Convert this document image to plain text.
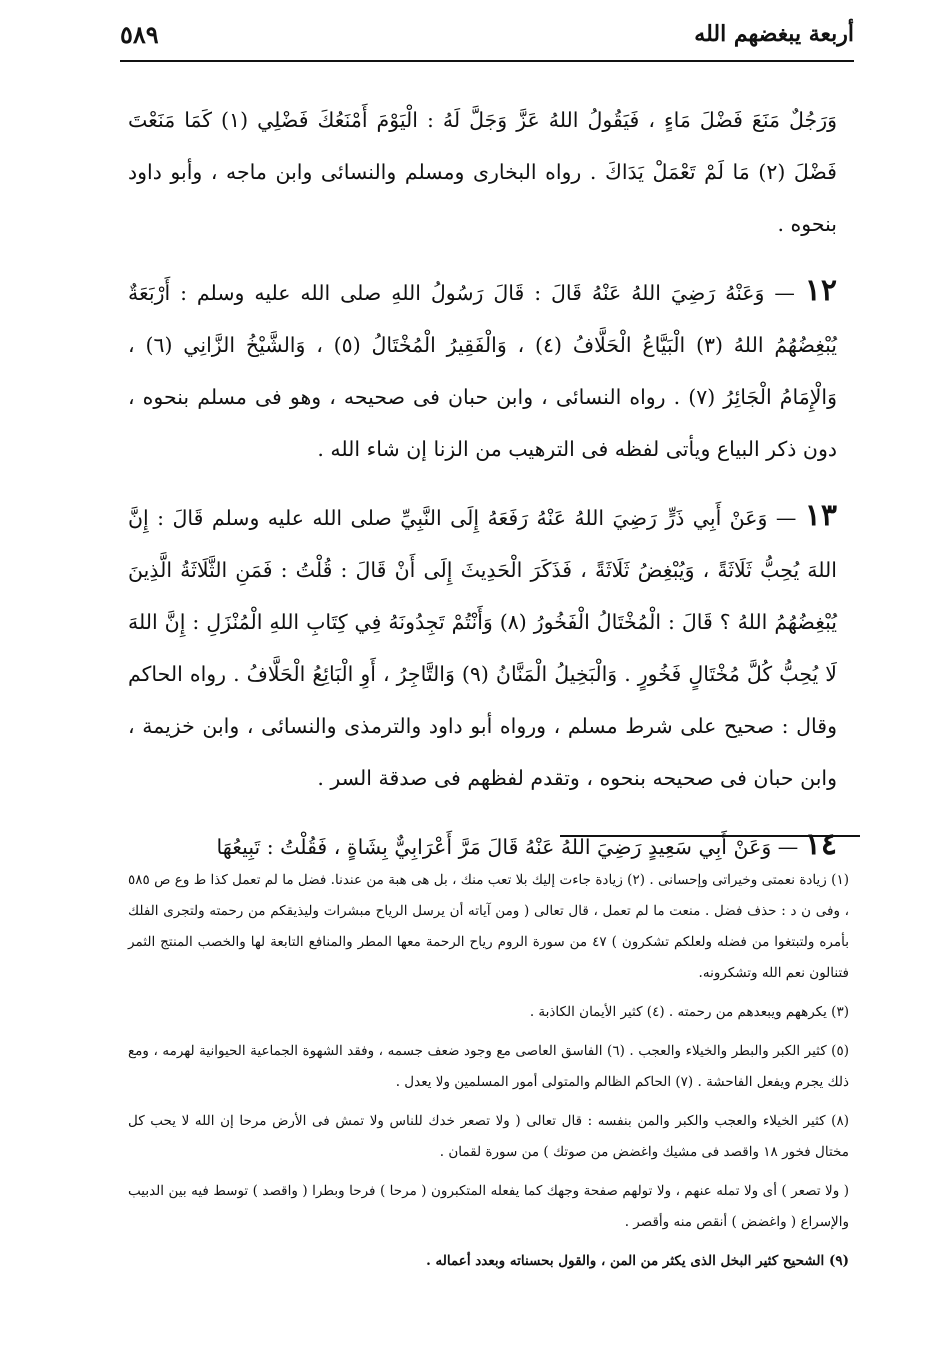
أربعة يبغضهم الله
٥٨٩

وَرَجُلٌ مَنَعَ فَضْلَ مَاءٍ ، فَيَقُولُ اللهُ عَزَّ وَجَلَّ لَهُ : الْيَوْمَ أَمْنَعُكَ فَضْلِي (١) كَمَا مَنَعْتَ فَضْلَ (٢) مَا لَمْ تَعْمَلْ يَدَاكَ . رواه البخارى ومسلم والنسائى وابن ماجه ، وأبو داود بنحوه .

١٢ — وَعَنْهُ رَضِيَ اللهُ عَنْهُ قَالَ : قَالَ رَسُولُ اللهِ صلى الله عليه وسلم : أَرْبَعَةٌ يُبْغِضُهُمُ اللهُ (٣) الْبَيَّاعُ الْحَلَّافُ (٤) ، وَالْفَقِيرُ الْمُخْتَالُ (٥) ، وَالشَّيْخُ الزَّانِي (٦) ، وَالْإِمَامُ الْجَائِرُ (٧) . رواه النسائى ، وابن حبان فى صحيحه ، وهو فى مسلم بنحوه ، دون ذكر البياع ويأتى لفظه فى الترهيب من الزنا إن شاء الله .

١٣ — وَعَنْ أَبِي ذَرٍّ رَضِيَ اللهُ عَنْهُ رَفَعَهُ إِلَى النَّبِيِّ صلى الله عليه وسلم قَالَ : إِنَّ اللهَ يُحِبُّ ثَلَاثَةً ، وَيُبْغِضُ ثَلَاثَةً ، فَذَكَرَ الْحَدِيثَ إِلَى أَنْ قَالَ : قُلْتُ : فَمَنِ الثَّلَاثَةُ الَّذِينَ يُبْغِضُهُمُ اللهُ ؟ قَالَ : الْمُخْتَالُ الْفَخُورُ (٨) وَأَنْتُمْ تَجِدُونَهُ فِي كِتَابِ اللهِ الْمُنْزَلِ : إِنَّ اللهَ لَا يُحِبُّ كُلَّ مُخْتَالٍ فَخُورٍ . وَالْبَخِيلُ الْمَنَّانُ (٩) وَالتَّاجِرُ ، أَوِ الْبَائِعُ الْحَلَّافُ . رواه الحاكم وقال : صحيح على شرط مسلم ، ورواه أبو داود والترمذى والنسائى ، وابن خزيمة ، وابن حبان فى صحيحه بنحوه ، وتقدم لفظهم فى صدقة السر .

١٤ — وَعَنْ أَبِي سَعِيدٍ رَضِيَ اللهُ عَنْهُ قَالَ مَرَّ أَعْرَابِيٌّ بِشَاةٍ ، فَقُلْتُ : تَبِيعُهَا

(١) زيادة نعمتى وخيراتى وإحسانى . (٢) زيادة جاءت إليك بلا تعب منك ، بل هى هبة من عندنا. فضل ما لم تعمل كذا ط وع ص ٥٨٥ ، وفى ن د : حذف فضل . منعت ما لم تعمل ، قال تعالى ( ومن آياته أن يرسل الرياح مبشرات وليذيقكم من رحمته ولتجرى الفلك بأمره ولتبتغوا من فضله ولعلكم تشكرون ) ٤٧ من سورة الروم رياح الرحمة معها المطر والمنافع التابعة لها والخصب المنتج الثمر فتنالون نعم الله وتشكرونه.

(٣) يكرههم ويبعدهم من رحمته . (٤) كثير الأيمان الكاذبة .

(٥) كثير الكبر والبطر والخيلاء والعجب . (٦) الفاسق العاصى مع وجود ضعف جسمه ، وفقد الشهوة الجماعية الحيوانية لهرمه ، ومع ذلك يجرم ويفعل الفاحشة . (٧) الحاكم الظالم والمتولى أمور المسلمين ولا يعدل .

(٨) كثير الخيلاء والعجب والكبر والمن بنفسه : قال تعالى ( ولا تصعر خدك للناس ولا تمش فى الأرض مرحا إن الله لا يحب كل مختال فخور ١٨ واقصد فى مشيك واغضض من صوتك ) من سورة لقمان .

( ولا تصعر ) أى ولا تمله عنهم ، ولا تولهم صفحة وجهك كما يفعله المتكبرون ( مرحا ) فرحا وبطرا ( واقصد ) توسط فيه بين الدبيب والإسراع ( واغضض ) أنقص منه وأقصر .

(٩) الشحيح كثير البخل الذى يكثر من المن ، والقول بحسناته وبعدد أعماله .
